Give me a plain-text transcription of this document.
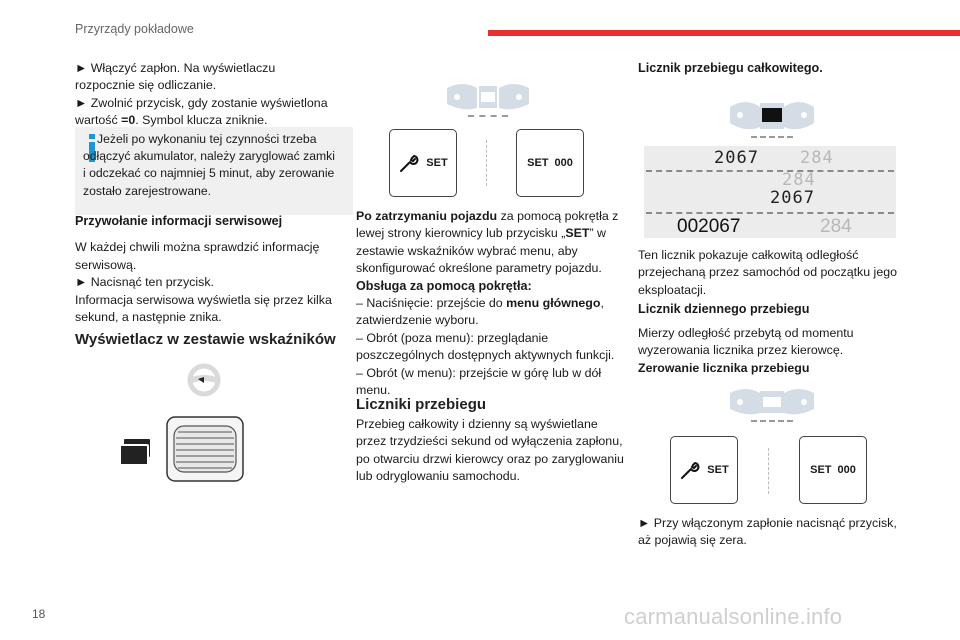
Przyrządy pokładowe

► Włączyć zapłon. Na wyświetlaczu rozpocznie się odliczanie.

► Zwolnić przycisk, gdy zostanie wyświetlona wartość =0. Symbol klucza zniknie.

Jeżeli po wykonaniu tej czynności trzeba odłączyć akumulator, należy zaryglować zamki i odczekać co najmniej 5 minut, aby zerowanie zostało zarejestrowane.

Przywołanie informacji serwisowej

W każdej chwili można sprawdzić informację serwisową.

► Nacisnąć ten przycisk.

Informacja serwisowa wyświetla się przez kilka sekund, a następnie znika.

Wyświetlacz w zestawie wskaźników
SET	SET 000

Po zatrzymaniu pojazdu za pomocą pokrętła z lewej strony kierownicy lub przycisku „SET” w zestawie wskaźników wybrać menu, aby skonfigurować określone parametry pojazdu.

Obsługa za pomocą pokrętła:

– Naciśnięcie: przejście do menu głównego, zatwierdzenie wyboru.

– Obrót (poza menu): przeglądanie poszczególnych dostępnych aktywnych funkcji.

– Obrót (w menu): przejście w górę lub w dół menu.

Liczniki przebiegu
Przebieg całkowity i dzienny są wyświetlane przez trzydzieści sekund od wyłączenia zapłonu, po otwarciu drzwi kierowcy oraz po zaryglowaniu lub odryglowaniu samochodu.
Licznik przebiegu całkowitego.
2067 284
284
2067
002067	284
Ten licznik pokazuje całkowitą odległość przejechaną przez samochód od początku jego eksploatacji.
Licznik dziennego przebiegu

Mierzy odległość przebytą od momentu wyzerowania licznika przez kierowcę.

Zerowanie licznika przebiegu

SET	SET 000
► Przy włączonym zapłonie nacisnąć przycisk, aż pojawią się zera.
18	carmanualsonline.info
